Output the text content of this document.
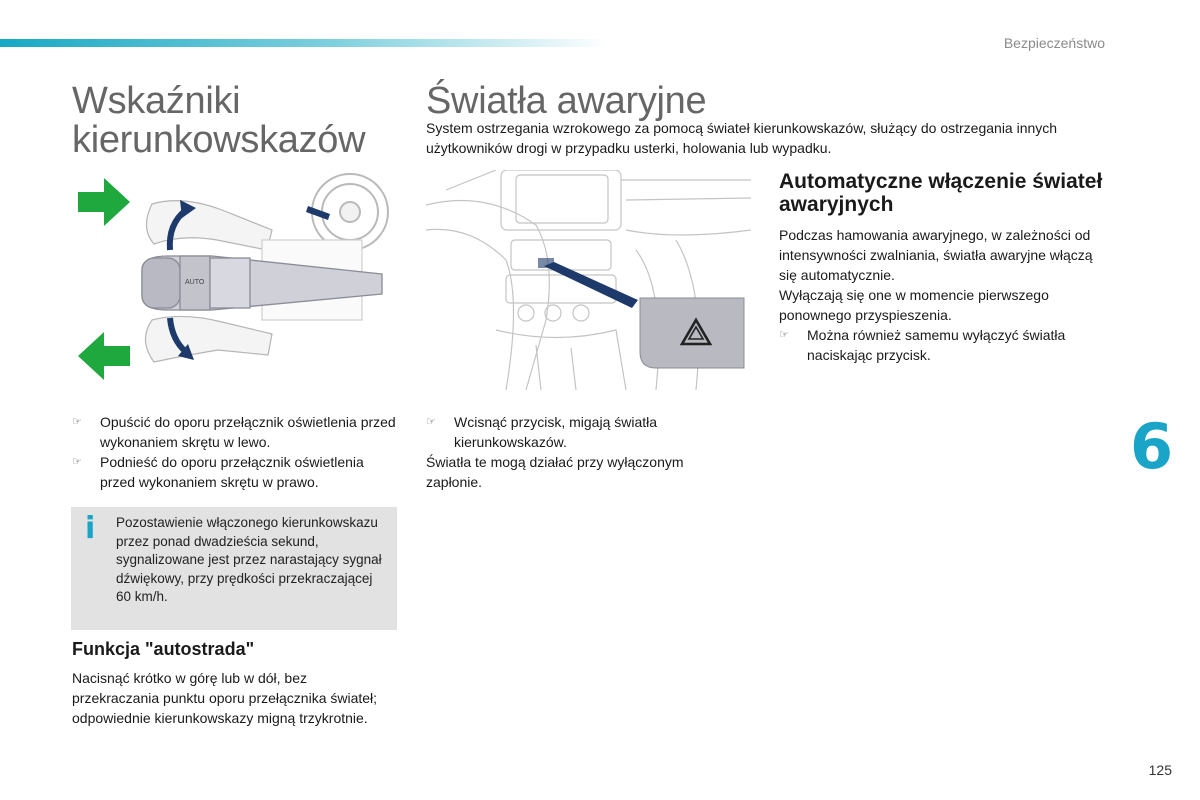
Bezpieczeństwo
Wskaźniki
kierunkowskazów
AUTO
☞ Opuścić do oporu przełącznik oświetlenia przed wykonaniem skrętu w lewo.
☞ Podnieść do oporu przełącznik oświetlenia przed wykonaniem skrętu w prawo.
i Pozostawienie włączonego kierunkowskazu przez ponad dwadzieścia sekund, sygnalizowane jest przez narastający sygnał dźwiękowy, przy prędkości przekraczającej 60 km/h.
Funkcja "autostrada"

Nacisnąć krótko w górę lub w dół, bez przekraczania punktu oporu przełącznika świateł; odpowiednie kierunkowskazy migną trzykrotnie.

Światła awaryjne

System ostrzegania wzrokowego za pomocą świateł kierunkowskazów, służący do ostrzegania innych użytkowników drogi w przypadku usterki, holowania lub wypadku.

☞ Wcisnąć przycisk, migają światła kierunkowskazów.

Światła te mogą działać przy wyłączonym zapłonie.

Automatyczne włączenie świateł awaryjnych

Podczas hamowania awaryjnego, w zależności od intensywności zwalniania, światła awaryjne włączą się automatycznie.

Wyłączają się one w momencie pierwszego ponownego przyspieszenia.

☞ Można również samemu wyłączyć światła naciskając przycisk.
6
125
